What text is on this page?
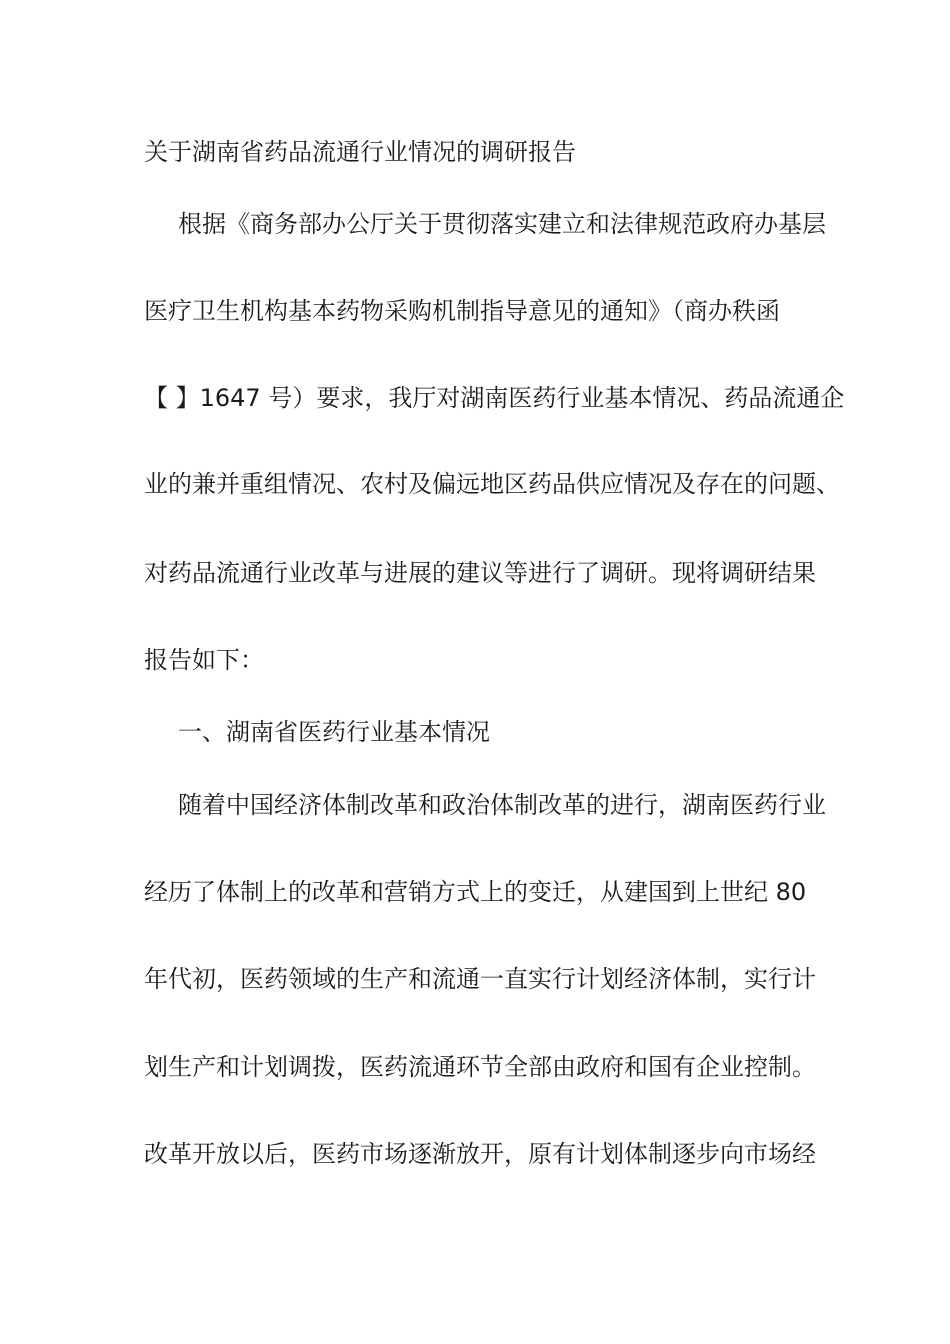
关于湖南省药品流通行业情况的调研报告
根据《商务部办公厅关于贯彻落实建立和法律规范政府办基层
医疗卫生机构基本药物采购机制指导意见的通知》（商办秩函
【 】1647 号）要求，我厅对湖南医药行业基本情况、药品流通企
业的兼并重组情况、农村及偏远地区药品供应情况及存在的问题、
对药品流通行业改革与进展的建议等进行了调研。现将调研结果
报告如下：
一、湖南省医药行业基本情况
随着中国经济体制改革和政治体制改革的进行，湖南医药行业
经历了体制上的改革和营销方式上的变迁，从建国到上世纪 80
年代初，医药领域的生产和流通一直实行计划经济体制，实行计
划生产和计划调拨，医药流通环节全部由政府和国有企业控制。
改革开放以后，医药市场逐渐放开，原有计划体制逐步向市场经
